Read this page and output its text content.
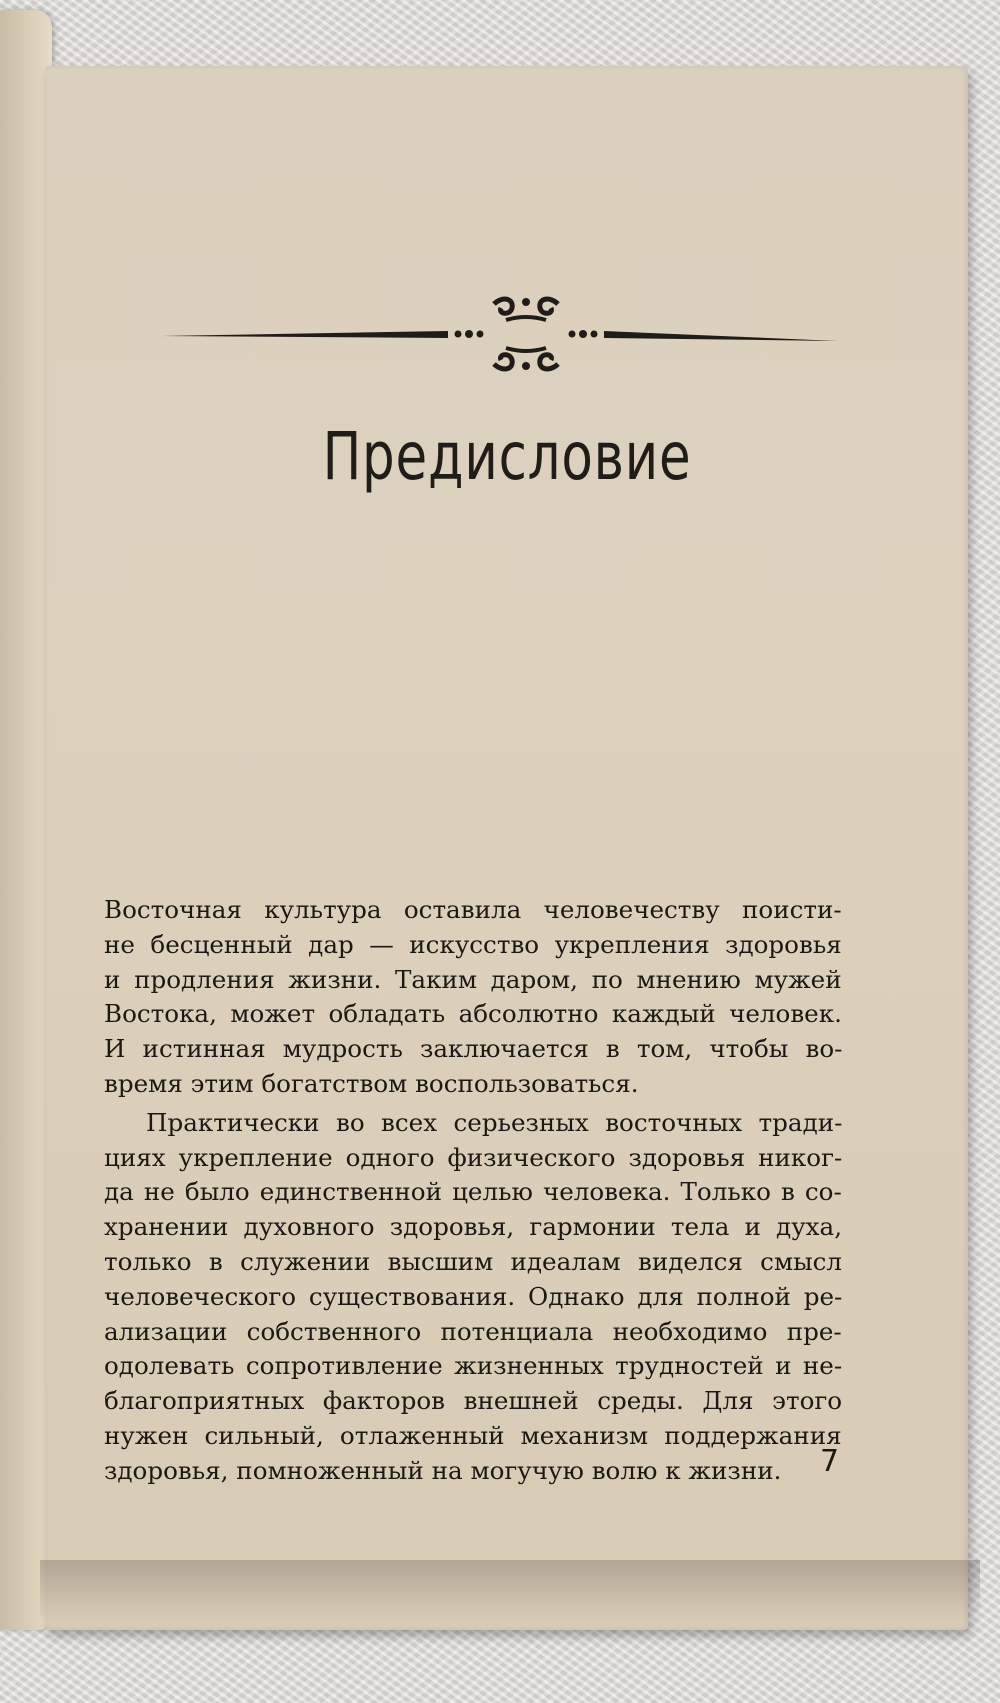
Предисловие

Восточная культура оставила человечеству поисти-
не бесценный дар — искусство укрепления здоровья
и продления жизни. Таким даром, по мнению мужей
Востока, может обладать абсолютно каждый человек.
И истинная мудрость заключается в том, чтобы во-
время этим богатством воспользоваться.

Практически во всех серьезных восточных тради-
циях укрепление одного физического здоровья никог-
да не было единственной целью человека. Только в со-
хранении духовного здоровья, гармонии тела и духа,
только в служении высшим идеалам виделся смысл
человеческого существования. Однако для полной ре-
ализации собственного потенциала необходимо пре-
одолевать сопротивление жизненных трудностей и не-
благоприятных факторов внешней среды. Для этого
нужен сильный, отлаженный механизм поддержания
здоровья, помноженный на могучую волю к жизни.	7
